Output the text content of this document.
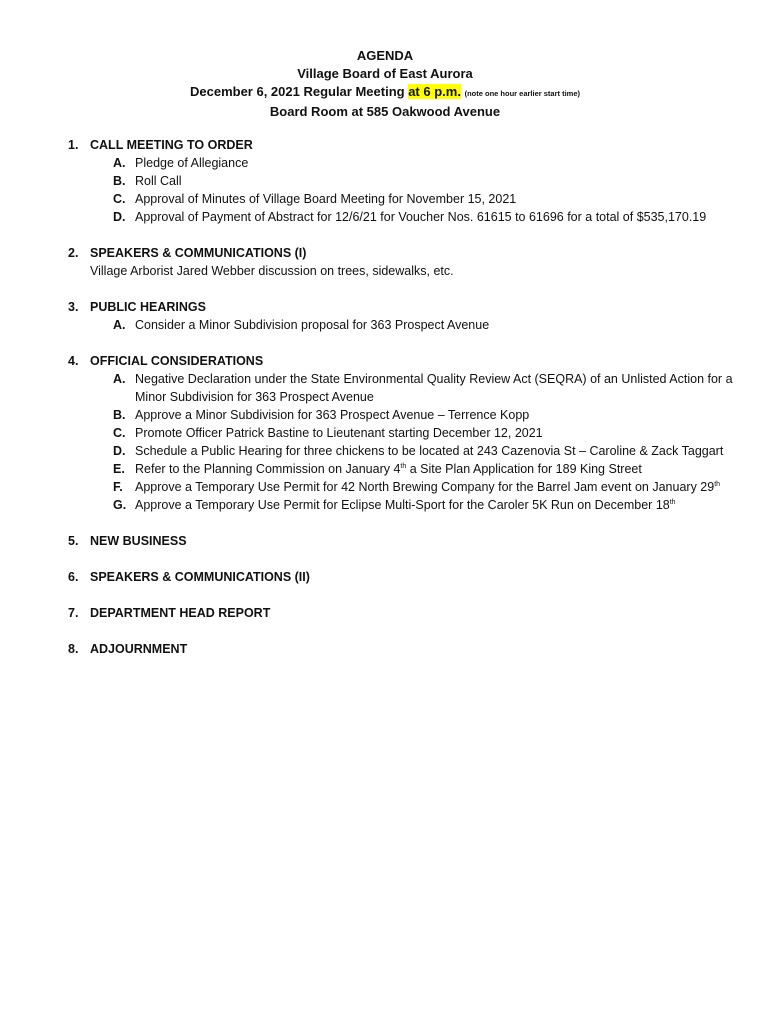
AGENDA
Village Board of East Aurora
December 6, 2021 Regular Meeting at 6 p.m. (note one hour earlier start time)
Board Room at 585 Oakwood Avenue
1. CALL MEETING TO ORDER
A. Pledge of Allegiance
B. Roll Call
C. Approval of Minutes of Village Board Meeting for November 15, 2021
D. Approval of Payment of Abstract for 12/6/21 for Voucher Nos. 61615 to 61696 for a total of $535,170.19
2. SPEAKERS & COMMUNICATIONS (I)
Village Arborist Jared Webber discussion on trees, sidewalks, etc.
3. PUBLIC HEARINGS
A. Consider a Minor Subdivision proposal for 363 Prospect Avenue
4. OFFICIAL CONSIDERATIONS
A. Negative Declaration under the State Environmental Quality Review Act (SEQRA) of an Unlisted Action for a Minor Subdivision for 363 Prospect Avenue
B. Approve a Minor Subdivision for 363 Prospect Avenue – Terrence Kopp
C. Promote Officer Patrick Bastine to Lieutenant starting December 12, 2021
D. Schedule a Public Hearing for three chickens to be located at 243 Cazenovia St – Caroline & Zack Taggart
E. Refer to the Planning Commission on January 4th a Site Plan Application for 189 King Street
F. Approve a Temporary Use Permit for 42 North Brewing Company for the Barrel Jam event on January 29th
G. Approve a Temporary Use Permit for Eclipse Multi-Sport for the Caroler 5K Run on December 18th
5. NEW BUSINESS
6. SPEAKERS & COMMUNICATIONS (II)
7. DEPARTMENT HEAD REPORT
8. ADJOURNMENT
